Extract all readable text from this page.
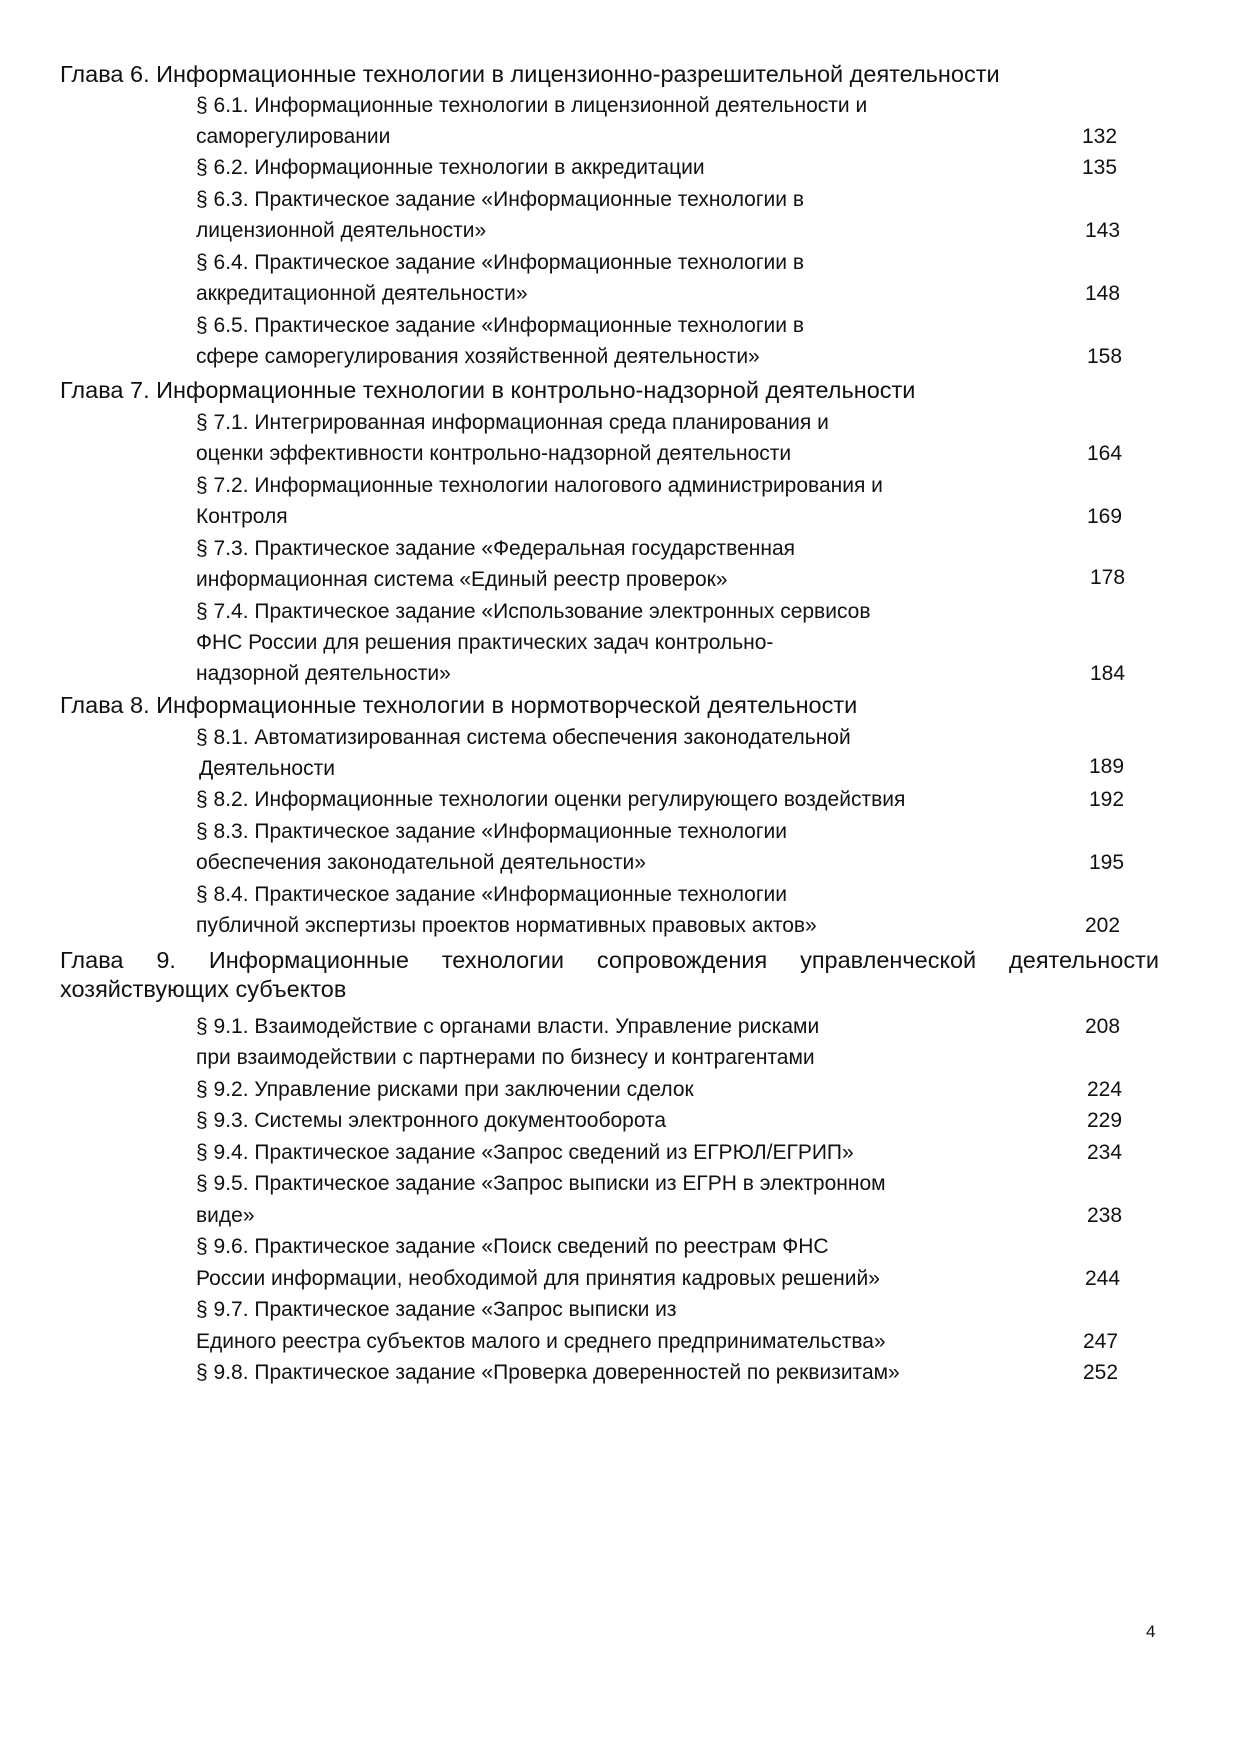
Глава 6. Информационные технологии в лицензионно-разрешительной деятельности
§ 6.1. Информационные технологии в лицензионной деятельности и
саморегулировании	132
§ 6.2. Информационные технологии в аккредитации	135
§ 6.3. Практическое задание «Информационные технологии в
лицензионной деятельности»	143
§ 6.4. Практическое задание «Информационные технологии в
аккредитационной деятельности»	148
§ 6.5. Практическое задание «Информационные технологии в
сфере саморегулирования хозяйственной деятельности»	158
Глава 7. Информационные технологии в контрольно-надзорной деятельности
§ 7.1. Интегрированная информационная среда планирования и
оценки эффективности контрольно-надзорной деятельности	164
§ 7.2. Информационные технологии налогового администрирования и
Контроля	169
§ 7.3. Практическое задание «Федеральная государственная
информационная система «Единый реестр проверок»	178
§ 7.4. Практическое задание «Использование электронных сервисов
ФНС России для решения практических задач контрольно-
надзорной деятельности»	184
Глава 8. Информационные технологии в нормотворческой деятельности
§ 8.1. Автоматизированная система обеспечения законодательной
Деятельности	189
§ 8.2. Информационные технологии оценки регулирующего воздействия	192
§ 8.3. Практическое задание «Информационные технологии
обеспечения законодательной деятельности»	195
§ 8.4. Практическое задание «Информационные технологии
публичной экспертизы проектов нормативных правовых актов»	202
Глава 9. Информационные технологии сопровождения управленческой деятельности
хозяйствующих субъектов
§ 9.1. Взаимодействие с органами власти. Управление рисками	208
при взаимодействии с партнерами по бизнесу и контрагентами
§ 9.2. Управление рисками при заключении сделок	224
§ 9.3. Системы электронного документооборота	229
§ 9.4. Практическое задание «Запрос сведений из ЕГРЮЛ/ЕГРИП»	234
§ 9.5. Практическое задание «Запрос выписки из ЕГРН в электронном
виде»	238
§ 9.6. Практическое задание «Поиск сведений по реестрам ФНС
России информации, необходимой для принятия кадровых решений»	244
§ 9.7. Практическое задание «Запрос выписки из
Единого реестра субъектов малого и среднего предпринимательства»	247
§ 9.8. Практическое задание «Проверка доверенностей по реквизитам»	252
4
